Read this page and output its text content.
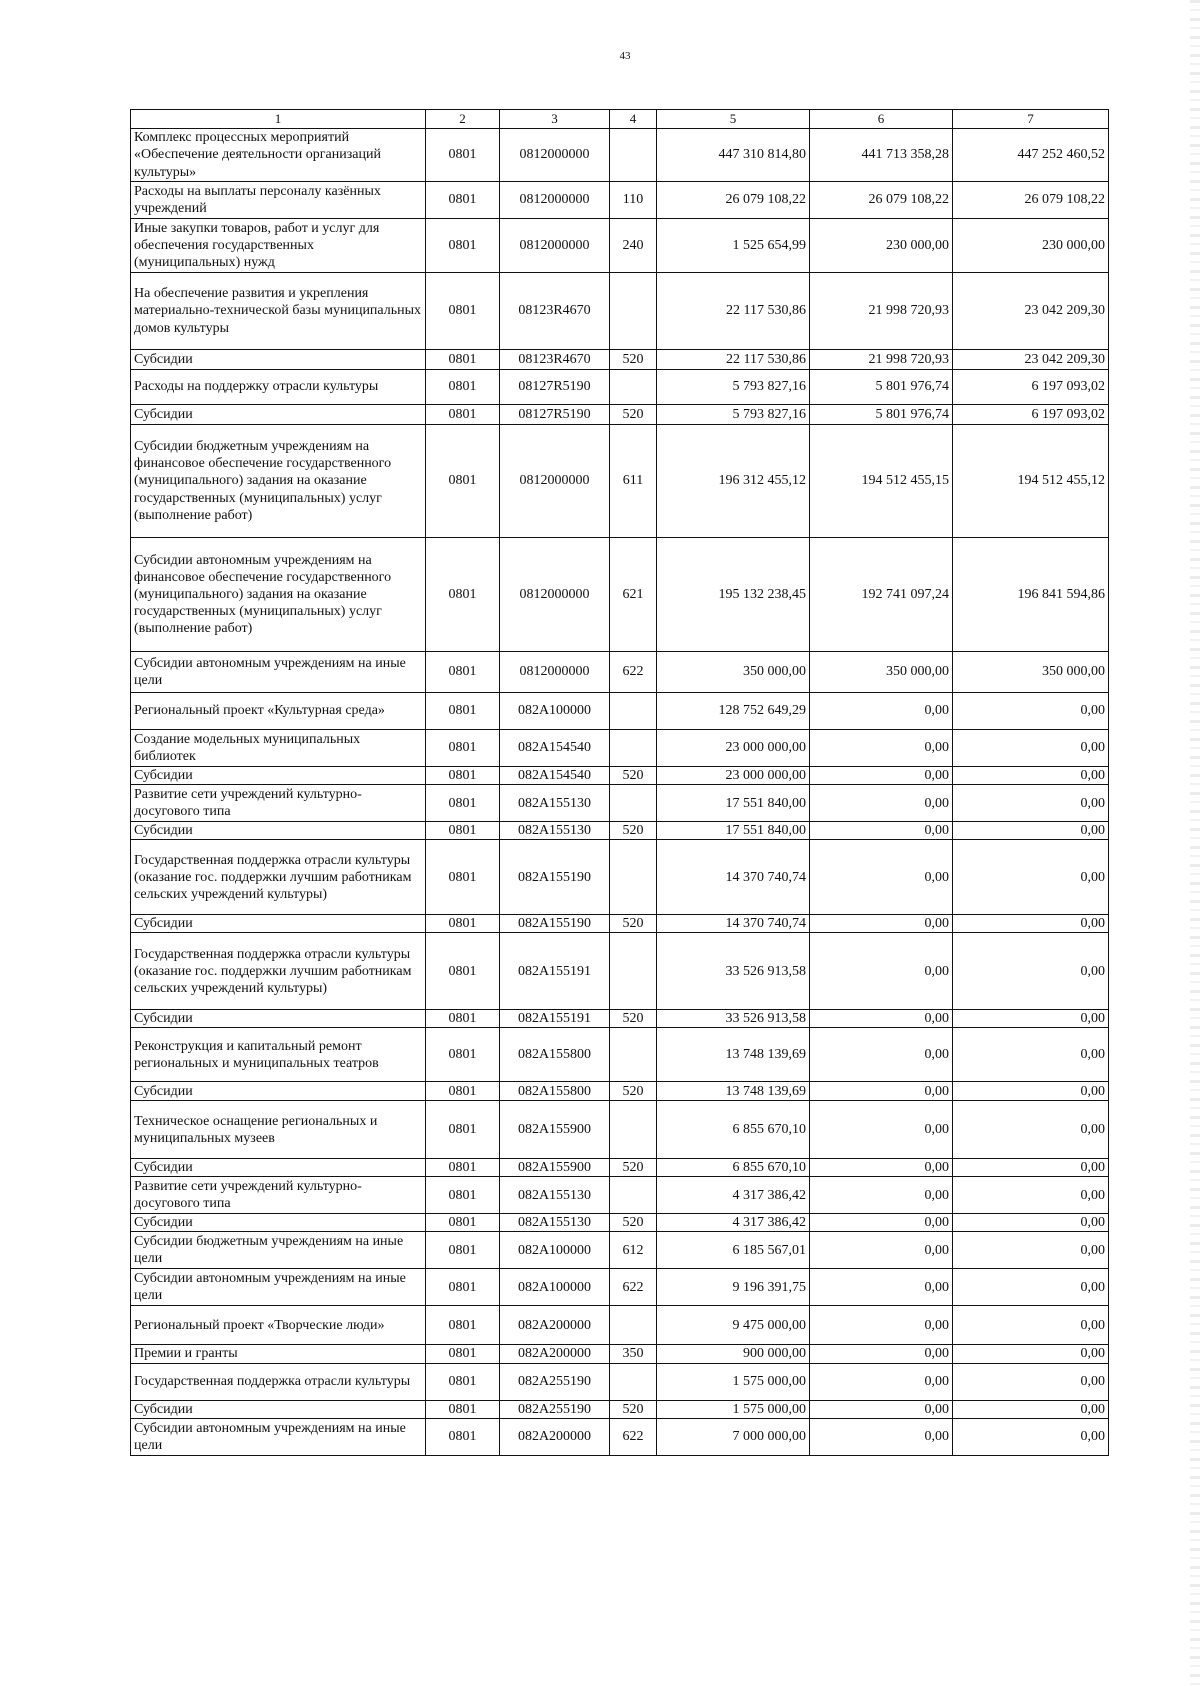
43
1	2	3	4	5	6	7
Комплекс процессных мероприятий «Обеспечение деятельности организаций культуры»	0801	0812000000		447 310 814,80	441 713 358,28	447 252 460,52
Расходы на выплаты персоналу казённых учреждений	0801	0812000000	110	26 079 108,22	26 079 108,22	26 079 108,22
Иные закупки товаров, работ и услуг для обеспечения государственных (муниципальных) нужд	0801	0812000000	240	1 525 654,99	230 000,00	230 000,00
На обеспечение развития и укрепления материально-технической базы муниципальных домов культуры	0801	08123R4670		22 117 530,86	21 998 720,93	23 042 209,30
Субсидии	0801	08123R4670	520	22 117 530,86	21 998 720,93	23 042 209,30
Расходы на поддержку отрасли культуры	0801	08127R5190		5 793 827,16	5 801 976,74	6 197 093,02
Субсидии	0801	08127R5190	520	5 793 827,16	5 801 976,74	6 197 093,02
Субсидии бюджетным учреждениям на финансовое обеспечение государственного (муниципального) задания на оказание государственных (муниципальных) услуг (выполнение работ)	0801	0812000000	611	196 312 455,12	194 512 455,15	194 512 455,12
Субсидии автономным учреждениям на финансовое обеспечение государственного (муниципального) задания на оказание государственных (муниципальных) услуг (выполнение работ)	0801	0812000000	621	195 132 238,45	192 741 097,24	196 841 594,86
Субсидии автономным учреждениям на иные цели	0801	0812000000	622	350 000,00	350 000,00	350 000,00
Региональный проект «Культурная среда»	0801	082A100000		128 752 649,29	0,00	0,00
Создание модельных муниципальных библиотек	0801	082A154540		23 000 000,00	0,00	0,00
Субсидии	0801	082A154540	520	23 000 000,00	0,00	0,00
Развитие сети учреждений культурно-досугового типа	0801	082A155130		17 551 840,00	0,00	0,00
Субсидии	0801	082A155130	520	17 551 840,00	0,00	0,00
Государственная поддержка отрасли культуры (оказание гос. поддержки лучшим работникам сельских учреждений культуры)	0801	082A155190		14 370 740,74	0,00	0,00
Субсидии	0801	082A155190	520	14 370 740,74	0,00	0,00
Государственная поддержка отрасли культуры (оказание гос. поддержки лучшим работникам сельских учреждений культуры)	0801	082A155191		33 526 913,58	0,00	0,00
Субсидии	0801	082A155191	520	33 526 913,58	0,00	0,00
Реконструкция и капитальный ремонт региональных и муниципальных театров	0801	082A155800		13 748 139,69	0,00	0,00
Субсидии	0801	082A155800	520	13 748 139,69	0,00	0,00
Техническое оснащение региональных и муниципальных музеев	0801	082A155900		6 855 670,10	0,00	0,00
Субсидии	0801	082A155900	520	6 855 670,10	0,00	0,00
Развитие сети учреждений культурно-досугового типа	0801	082A155130		4 317 386,42	0,00	0,00
Субсидии	0801	082A155130	520	4 317 386,42	0,00	0,00
Субсидии бюджетным учреждениям на иные цели	0801	082A100000	612	6 185 567,01	0,00	0,00
Субсидии автономным учреждениям на иные цели	0801	082A100000	622	9 196 391,75	0,00	0,00
Региональный проект «Творческие люди»	0801	082A200000		9 475 000,00	0,00	0,00
Премии и гранты	0801	082A200000	350	900 000,00	0,00	0,00
Государственная поддержка отрасли культуры	0801	082A255190		1 575 000,00	0,00	0,00
Субсидии	0801	082A255190	520	1 575 000,00	0,00	0,00
Субсидии автономным учреждениям на иные цели	0801	082A200000	622	7 000 000,00	0,00	0,00
